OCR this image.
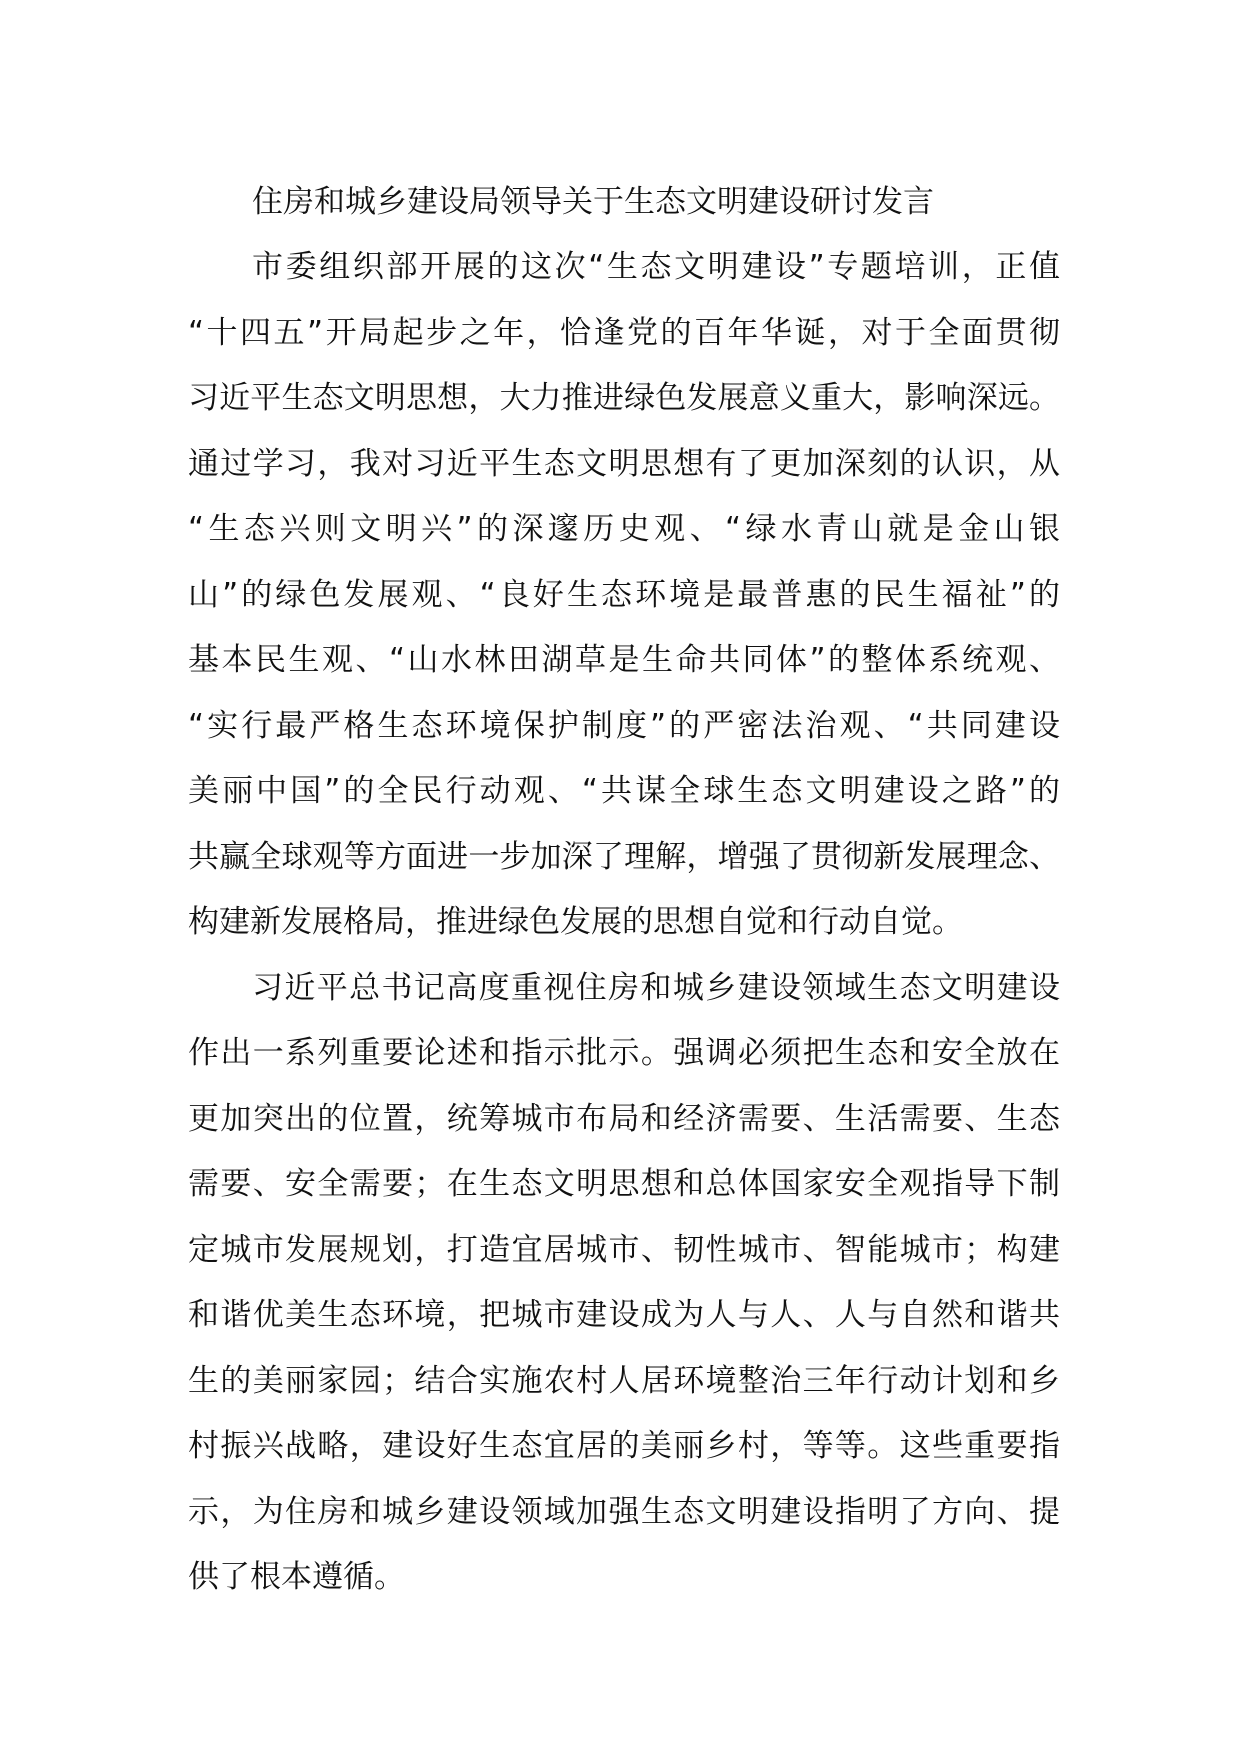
住房和城乡建设局领导关于生态文明建设研讨发言
市委组织部开展的这次“生态文明建设”专题培训，正值
“十四五”开局起步之年，恰逢党的百年华诞，对于全面贯彻
习近平生态文明思想，大力推进绿色发展意义重大，影响深远。
通过学习，我对习近平生态文明思想有了更加深刻的认识，从
“生态兴则文明兴”的深邃历史观、“绿水青山就是金山银
山”的绿色发展观、“良好生态环境是最普惠的民生福祉”的
基本民生观、“山水林田湖草是生命共同体”的整体系统观、
“实行最严格生态环境保护制度”的严密法治观、“共同建设
美丽中国”的全民行动观、“共谋全球生态文明建设之路”的
共赢全球观等方面进一步加深了理解，增强了贯彻新发展理念、
构建新发展格局，推进绿色发展的思想自觉和行动自觉。
习近平总书记高度重视住房和城乡建设领域生态文明建设
作出一系列重要论述和指示批示。强调必须把生态和安全放在
更加突出的位置，统筹城市布局和经济需要、生活需要、生态
需要、安全需要；在生态文明思想和总体国家安全观指导下制
定城市发展规划，打造宜居城市、韧性城市、智能城市；构建
和谐优美生态环境，把城市建设成为人与人、人与自然和谐共
生的美丽家园；结合实施农村人居环境整治三年行动计划和乡
村振兴战略，建设好生态宜居的美丽乡村，等等。这些重要指
示，为住房和城乡建设领域加强生态文明建设指明了方向、提
供了根本遵循。
